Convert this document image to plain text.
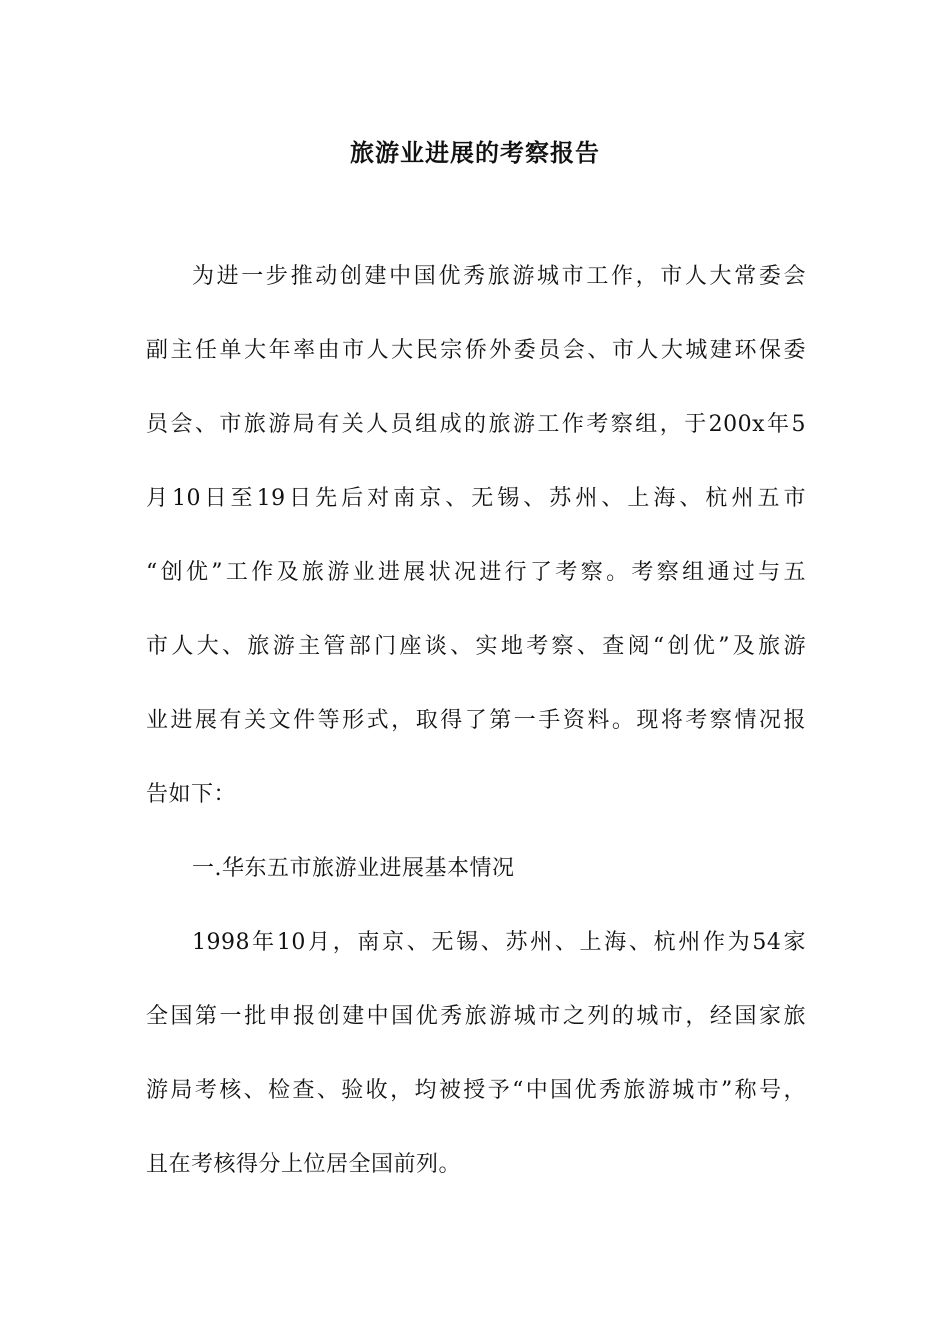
旅游业进展的考察报告
为进一步推动创建中国优秀旅游城市工作，市人大常委会
副主任单大年率由市人大民宗侨外委员会、市人大城建环保委
员会、市旅游局有关人员组成的旅游工作考察组，于200x年5
月10日至19日先后对南京、无锡、苏州、上海、杭州五市
“创优”工作及旅游业进展状况进行了考察。考察组通过与五
市人大、旅游主管部门座谈、实地考察、查阅“创优”及旅游
业进展有关文件等形式，取得了第一手资料。现将考察情况报
告如下：
一.华东五市旅游业进展基本情况
1998年10月，南京、无锡、苏州、上海、杭州作为54家
全国第一批申报创建中国优秀旅游城市之列的城市，经国家旅
游局考核、检查、验收，均被授予“中国优秀旅游城市”称号，
且在考核得分上位居全国前列。
